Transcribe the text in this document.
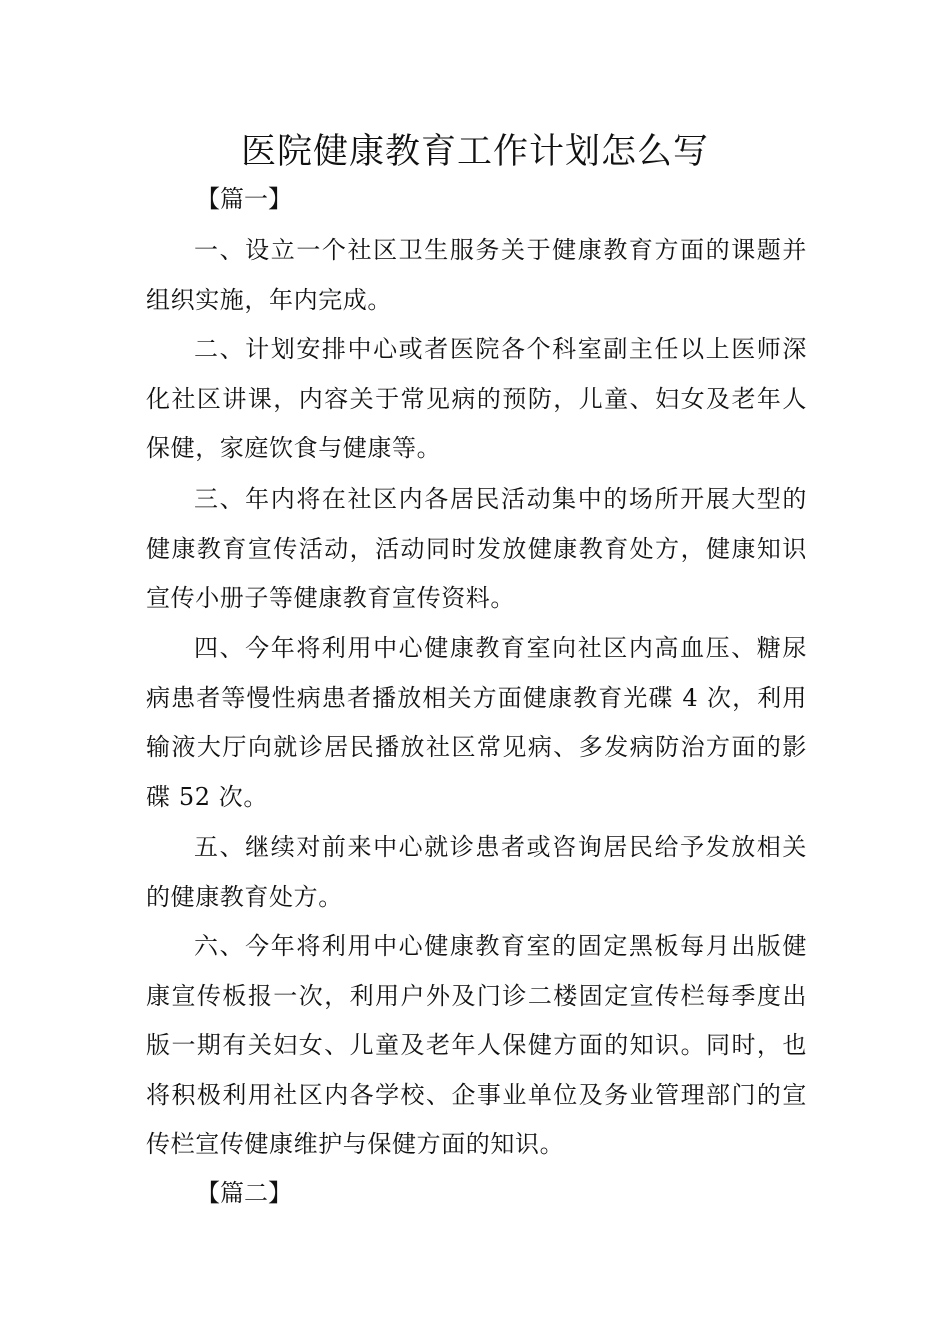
医院健康教育工作计划怎么写
【篇一】

一、设立一个社区卫生服务关于健康教育方面的课题并组织实施，年内完成。

二、计划安排中心或者医院各个科室副主任以上医师深化社区讲课，内容关于常见病的预防，儿童、妇女及老年人保健，家庭饮食与健康等。

三、年内将在社区内各居民活动集中的场所开展大型的健康教育宣传活动，活动同时发放健康教育处方，健康知识宣传小册子等健康教育宣传资料。

四、今年将利用中心健康教育室向社区内高血压、糖尿病患者等慢性病患者播放相关方面健康教育光碟 4 次，利用输液大厅向就诊居民播放社区常见病、多发病防治方面的影碟 52 次。

五、继续对前来中心就诊患者或咨询居民给予发放相关的健康教育处方。

六、今年将利用中心健康教育室的固定黑板每月出版健康宣传板报一次，利用户外及门诊二楼固定宣传栏每季度出版一期有关妇女、儿童及老年人保健方面的知识。同时，也将积极利用社区内各学校、企事业单位及务业管理部门的宣传栏宣传健康维护与保健方面的知识。

【篇二】
